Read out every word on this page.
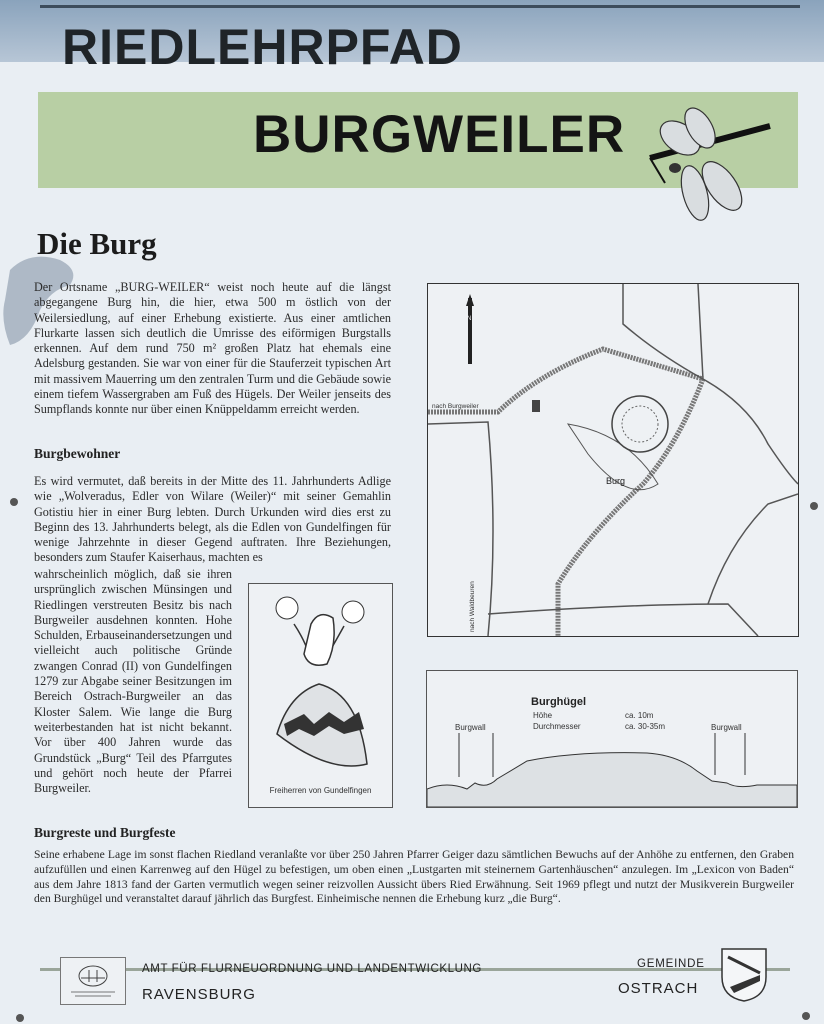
RIEDLEHRPFAD
BURGWEILER
Die Burg

Der Ortsname „BURG-WEILER“ weist noch heute auf die längst abgegangene Burg hin, die hier, etwa 500 m östlich von der Weilersiedlung, auf einer Erhebung existierte. Aus einer amtlichen Flurkarte lassen sich deutlich die Umrisse des eiförmigen Burgstalls erkennen. Auf dem rund 750 m² großen Platz hat ehemals eine Adelsburg gestanden. Sie war von einer für die Stauferzeit typischen Art mit massivem Mauerring um den zentralen Turm und die Gebäude sowie einem tiefem Wassergraben am Fuß des Hügels. Der Weiler jenseits des Sumpflands konnte nur über einen Knüppeldamm erreicht werden.

Burgbewohner

Es wird vermutet, daß bereits in der Mitte des 11. Jahrhunderts Adlige wie „Wolveradus, Edler von Wilare (Weiler)“ mit seiner Gemahlin Gotistiu hier in einer Burg lebten. Durch Urkunden wird dies erst zu Beginn des 13. Jahrhunderts belegt, als die Edlen von Gundelfingen für wenige Jahrzehnte in dieser Gegend auftraten. Ihre Beziehungen, besonders zum Staufer Kaiserhaus, machten es

wahrscheinlich möglich, daß sie ihren ursprünglich zwischen Münsingen und Riedlingen verstreuten Besitz bis nach Burgweiler ausdehnen konnten. Hohe Schulden, Erbauseinandersetzungen und vielleicht auch politische Gründe zwangen Conrad (II) von Gundelfingen 1279 zur Abgabe seiner Besitzungen im Bereich Ostrach-Burgweiler an das Kloster Salem. Wie lange die Burg weiterbestanden hat ist nicht bekannt. Vor über 400 Jahren wurde das Grundstück „Burg“ Teil des Pfarrgutes und gehört noch heute der Pfarrei Burgweiler.

Burg
nach Burgweiler
nach Waldbeuren
N
Freiherren von Gundelfingen
Burghügel
Höhe
Durchmesser
ca. 10m
ca. 30-35m
Burgwall	Burgwall
Burgreste und Burgfeste

Seine erhabene Lage im sonst flachen Riedland veranlaßte vor über 250 Jahren Pfarrer Geiger dazu sämtlichen Bewuchs auf der Anhöhe zu entfernen, den Graben aufzufüllen und einen Karrenweg auf den Hügel zu befestigen, um oben einen „Lustgarten mit steinernem Gartenhäuschen“ anzulegen. Im „Lexicon von Baden“ aus dem Jahre 1813 fand der Garten vermutlich wegen seiner reizvollen Aussicht übers Ried Erwähnung. Seit 1969 pflegt und nutzt der Musikverein Burgweiler den Burghügel und veranstaltet darauf jährlich das Burgfest. Einheimische nennen die Erhebung kurz „die Burg“.

AMT FÜR FLURNEUORDNUNG UND LANDENTWICKLUNG
RAVENSBURG
GEMEINDE
OSTRACH
